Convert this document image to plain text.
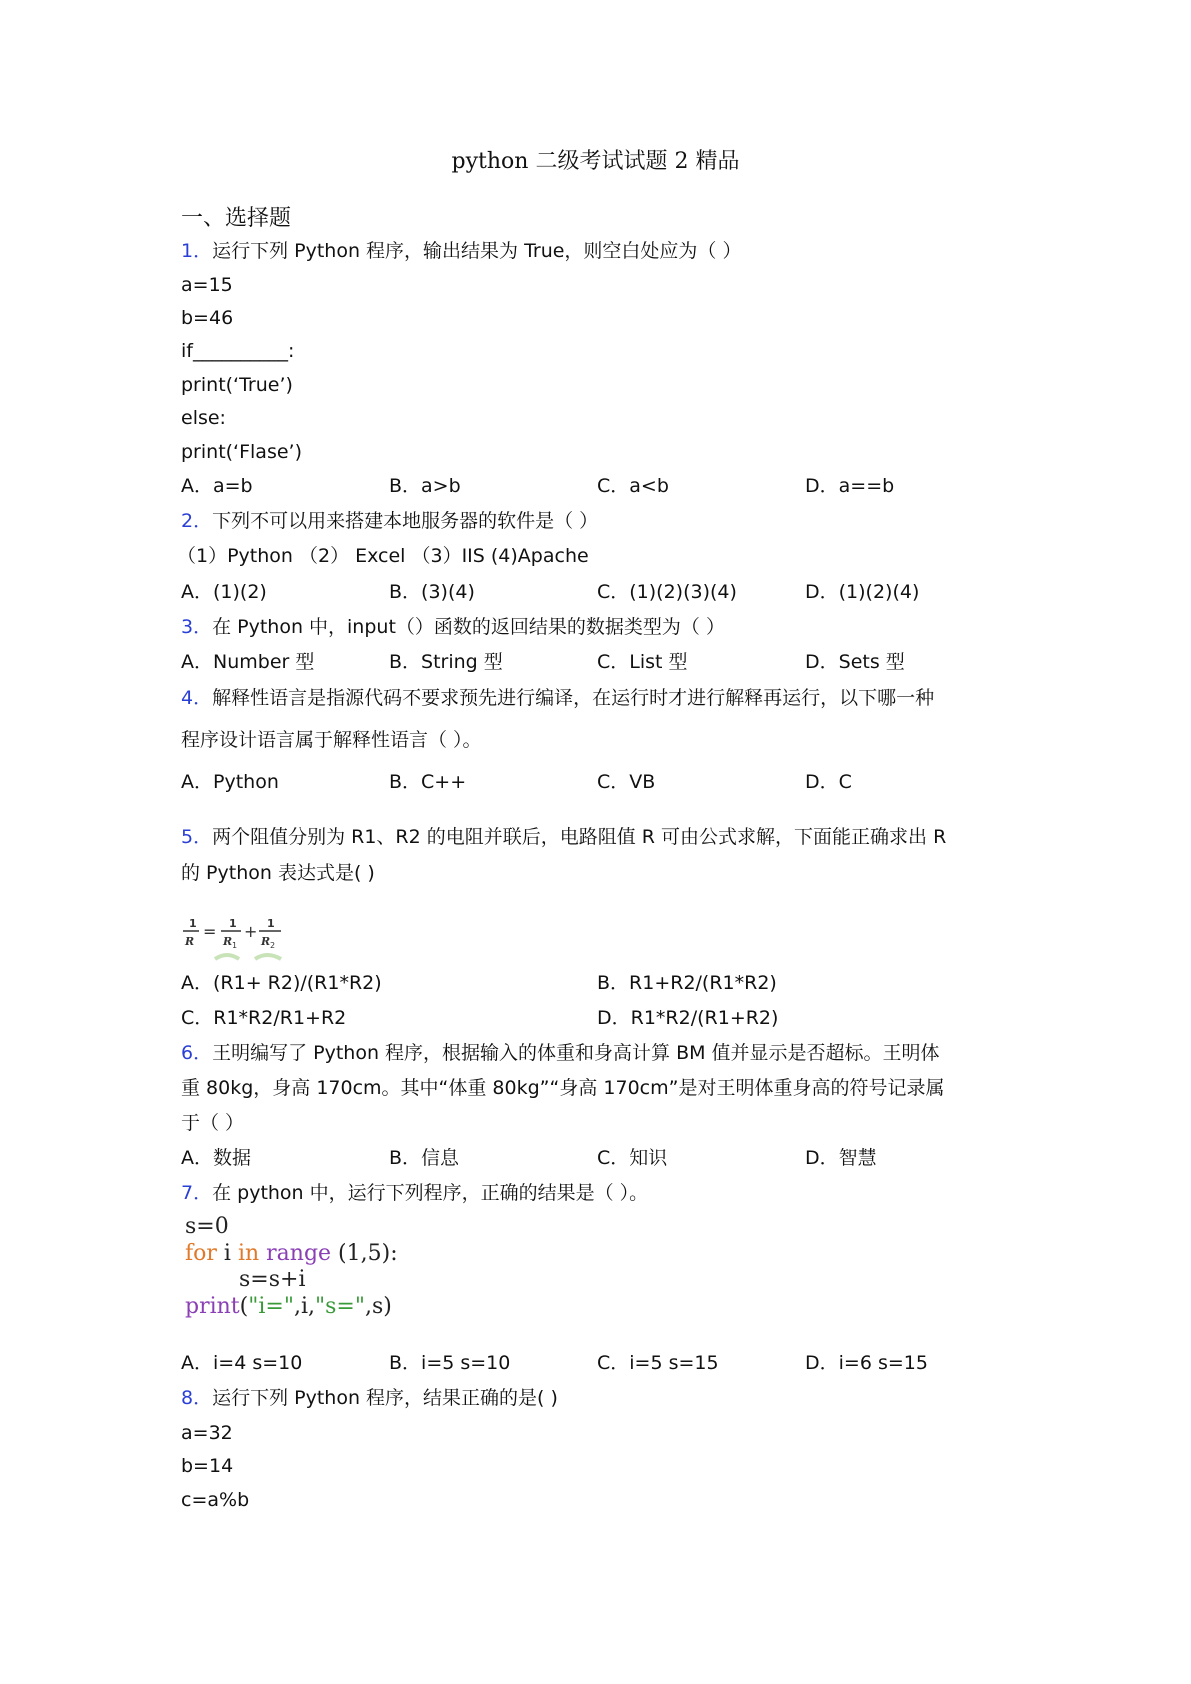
python 二级考试试题 2 精品
一、选择题
1．运行下列 Python 程序，输出结果为 True，则空白处应为（ ）
a=15
b=46
if__________:
print(‘True’)
else:
print(‘Flase’)
A．a=b	B．a>b	C．a<b	D．a==b
2．下列不可以用来搭建本地服务器的软件是（ ）
（1）Python （2） Excel （3）IIS (4)Apache
A．(1)(2)	B．(3)(4)	C．(1)(2)(3)(4)	D．(1)(2)(4)
3．在 Python 中，input（）函数的返回结果的数据类型为（ ）
A．Number 型	B．String 型	C．List 型	D．Sets 型
4．解释性语言是指源代码不要求预先进行编译，在运行时才进行解释再运行，以下哪一种
程序设计语言属于解释性语言（ ）。
A．Python	B．C++	C．VB	D．C
5．两个阻值分别为 R1、R2 的电阻并联后，电路阻值 R 可由公式求解，下面能正确求出 R
的 Python 表达式是( )
1
R
= 1
R 1
+ 1
R 2
A．(R1+ R2)/(R1*R2)	B．R1+R2/(R1*R2)
C．R1*R2/R1+R2	D．R1*R2/(R1+R2)
6．王明编写了 Python 程序，根据输入的体重和身高计算 BM 值并显示是否超标。王明体
重 80kg，身高 170cm。其中“体重 80kg”“身高 170cm”是对王明体重身高的符号记录属
于（ ）
A．数据	B．信息	C．知识	D．智慧
7．在 python 中，运行下列程序，正确的结果是（ ）。
s=0
for i in range (1,5):
s=s+i
print("i=",i,"s=",s)
A．i=4 s=10	B．i=5 s=10	C．i=5 s=15	D．i=6 s=15
8．运行下列 Python 程序，结果正确的是( )
a=32
b=14
c=a%b
